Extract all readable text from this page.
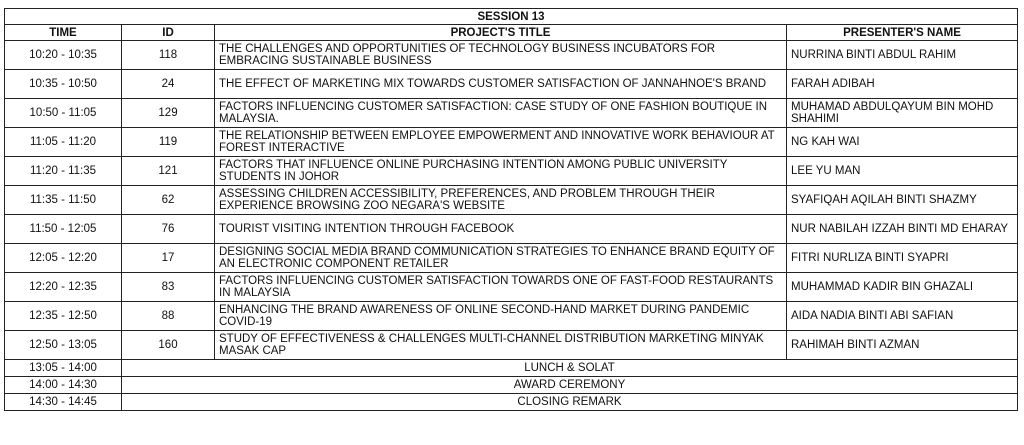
SESSION 13			
TIME	ID	PROJECT'S TITLE	PRESENTER'S NAME
10:20 - 10:35	118	THE CHALLENGES AND OPPORTUNITIES OF TECHNOLOGY BUSINESS INCUBATORS FOR EMBRACING SUSTAINABLE BUSINESS	NURRINA BINTI ABDUL RAHIM
10:35 - 10:50	24	THE EFFECT OF MARKETING MIX TOWARDS CUSTOMER SATISFACTION OF JANNAHNOE'S BRAND	FARAH ADIBAH
10:50 - 11:05	129	FACTORS INFLUENCING CUSTOMER SATISFACTION: CASE STUDY OF ONE FASHION BOUTIQUE IN MALAYSIA.	MUHAMAD ABDULQAYUM BIN MOHD SHAHIMI
11:05 - 11:20	119	THE RELATIONSHIP BETWEEN EMPLOYEE EMPOWERMENT AND INNOVATIVE WORK BEHAVIOUR AT FOREST INTERACTIVE	NG KAH WAI
11:20 - 11:35	121	FACTORS THAT INFLUENCE ONLINE PURCHASING INTENTION AMONG PUBLIC UNIVERSITY STUDENTS IN JOHOR	LEE YU MAN
11:35 - 11:50	62	ASSESSING CHILDREN ACCESSIBILITY, PREFERENCES, AND PROBLEM THROUGH THEIR EXPERIENCE BROWSING ZOO NEGARA'S WEBSITE	SYAFIQAH AQILAH BINTI SHAZMY
11:50 - 12:05	76	TOURIST VISITING INTENTION THROUGH FACEBOOK	NUR NABILAH IZZAH BINTI MD EHARAY
12:05 - 12:20	17	DESIGNING SOCIAL MEDIA BRAND COMMUNICATION STRATEGIES TO ENHANCE BRAND EQUITY OF AN ELECTRONIC COMPONENT RETAILER	FITRI NURLIZA BINTI SYAPRI
12:20 - 12:35	83	FACTORS INFLUENCING CUSTOMER SATISFACTION TOWARDS ONE OF FAST-FOOD RESTAURANTS IN MALAYSIA	MUHAMMAD KADIR BIN GHAZALI
12:35 - 12:50	88	ENHANCING THE BRAND AWARENESS OF ONLINE SECOND-HAND MARKET DURING PANDEMIC COVID-19	AIDA NADIA BINTI ABI SAFIAN
12:50 - 13:05	160	STUDY OF EFFECTIVENESS & CHALLENGES MULTI-CHANNEL DISTRIBUTION MARKETING MINYAK MASAK CAP	RAHIMAH BINTI AZMAN
13:05 - 14:00	LUNCH & SOLAT		
14:00 - 14:30	AWARD CEREMONY		
14:30 - 14:45	CLOSING REMARK		
